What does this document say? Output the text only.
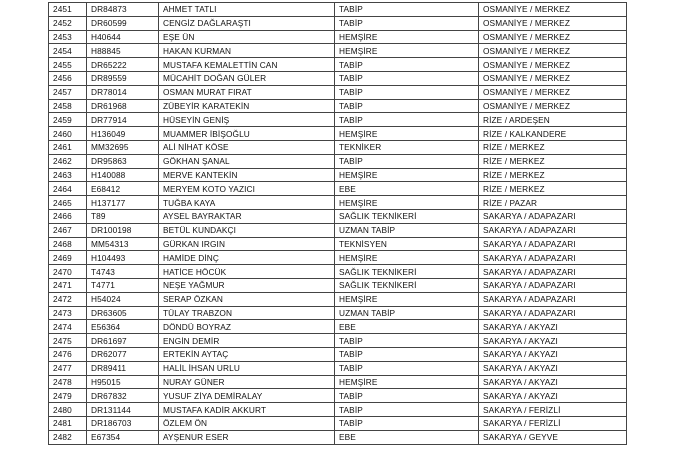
2451	DR84873	AHMET TATLI	TABİP	OSMANİYE / MERKEZ
2452	DR60599	CENGİZ DAĞLARAŞTI	TABİP	OSMANİYE / MERKEZ
2453	H40644	EŞE ÜN	HEMŞİRE	OSMANİYE / MERKEZ
2454	H88845	HAKAN KURMAN	HEMŞİRE	OSMANİYE / MERKEZ
2455	DR65222	MUSTAFA KEMALETTİN CAN	TABİP	OSMANİYE / MERKEZ
2456	DR89559	MÜCAHİT DOĞAN GÜLER	TABİP	OSMANİYE / MERKEZ
2457	DR78014	OSMAN MURAT FIRAT	TABİP	OSMANİYE / MERKEZ
2458	DR61968	ZÜBEYİR KARATEKİN	TABİP	OSMANİYE / MERKEZ
2459	DR77914	HÜSEYİN GENİŞ	TABİP	RİZE / ARDEŞEN
2460	H136049	MUAMMER İBİŞOĞLU	HEMŞİRE	RİZE / KALKANDERE
2461	MM32695	ALİ NİHAT KÖSE	TEKNİKER	RİZE / MERKEZ
2462	DR95863	GÖKHAN ŞANAL	TABİP	RİZE / MERKEZ
2463	H140088	MERVE KANTEKİN	HEMŞİRE	RİZE / MERKEZ
2464	E68412	MERYEM KOTO YAZICI	EBE	RİZE / MERKEZ
2465	H137177	TUĞBA KAYA	HEMŞİRE	RİZE / PAZAR
2466	T89	AYSEL BAYRAKTAR	SAĞLIK TEKNİKERİ	SAKARYA / ADAPAZARI
2467	DR100198	BETÜL KUNDAKÇI	UZMAN TABİP	SAKARYA / ADAPAZARI
2468	MM54313	GÜRKAN IRGIN	TEKNİSYEN	SAKARYA / ADAPAZARI
2469	H104493	HAMİDE DİNÇ	HEMŞİRE	SAKARYA / ADAPAZARI
2470	T4743	HATİCE HÖCÜK	SAĞLIK TEKNİKERİ	SAKARYA / ADAPAZARI
2471	T4771	NEŞE YAĞMUR	SAĞLIK TEKNİKERİ	SAKARYA / ADAPAZARI
2472	H54024	SERAP ÖZKAN	HEMŞİRE	SAKARYA / ADAPAZARI
2473	DR63605	TÜLAY TRABZON	UZMAN TABİP	SAKARYA / ADAPAZARI
2474	E56364	DÖNDÜ BOYRAZ	EBE	SAKARYA / AKYAZI
2475	DR61697	ENGİN DEMİR	TABİP	SAKARYA / AKYAZI
2476	DR62077	ERTEKİN AYTAÇ	TABİP	SAKARYA / AKYAZI
2477	DR89411	HALİL İHSAN URLU	TABİP	SAKARYA / AKYAZI
2478	H95015	NURAY GÜNER	HEMŞİRE	SAKARYA / AKYAZI
2479	DR67832	YUSUF ZİYA DEMİRALAY	TABİP	SAKARYA / AKYAZI
2480	DR131144	MUSTAFA KADİR AKKURT	TABİP	SAKARYA / FERİZLİ
2481	DR186703	ÖZLEM ÖN	TABİP	SAKARYA / FERİZLİ
2482	E67354	AYŞENUR ESER	EBE	SAKARYA / GEYVE
